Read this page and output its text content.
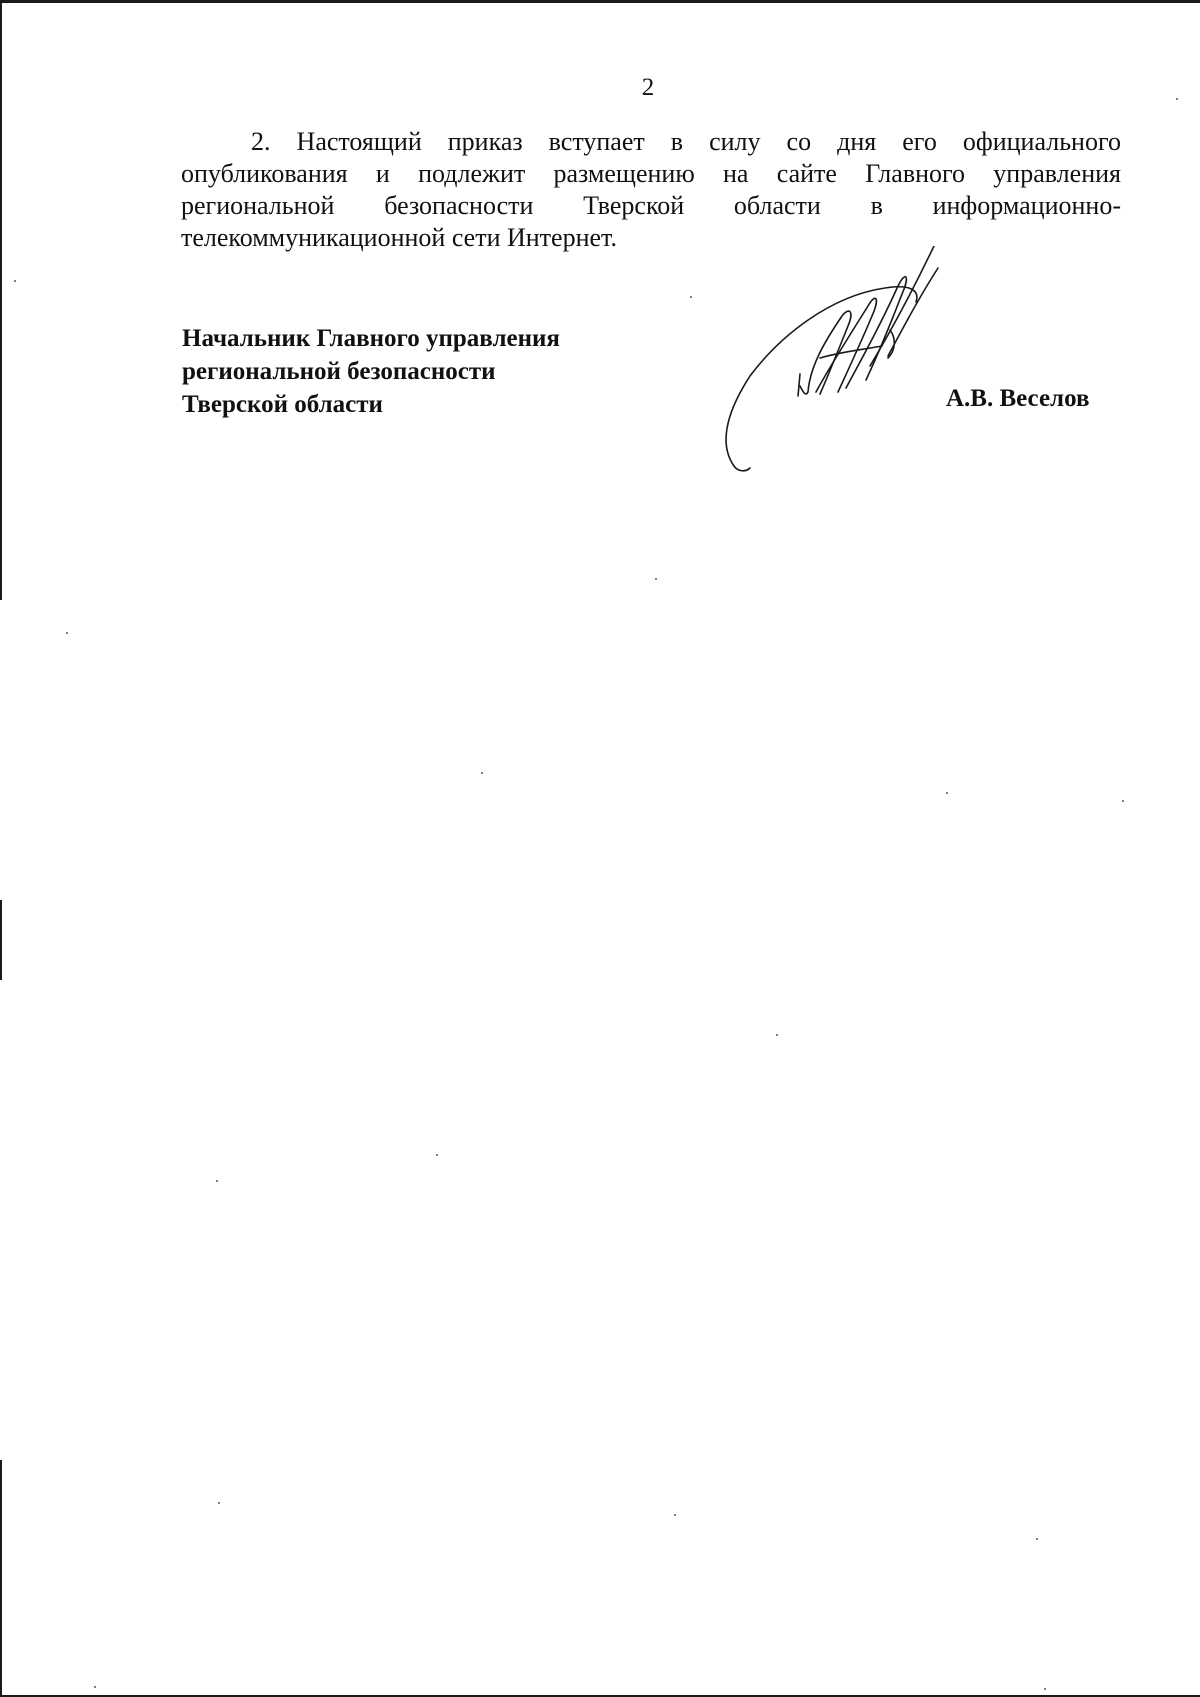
2
2. Настоящий приказ вступает в силу со дня его официального
опубликования и подлежит размещению на сайте Главного управления
региональной безопасности Тверской области в информационно-
телекоммуникационной сети Интернет.
Начальник Главного управления
региональной безопасности
Тверской области	А.В. Веселов
